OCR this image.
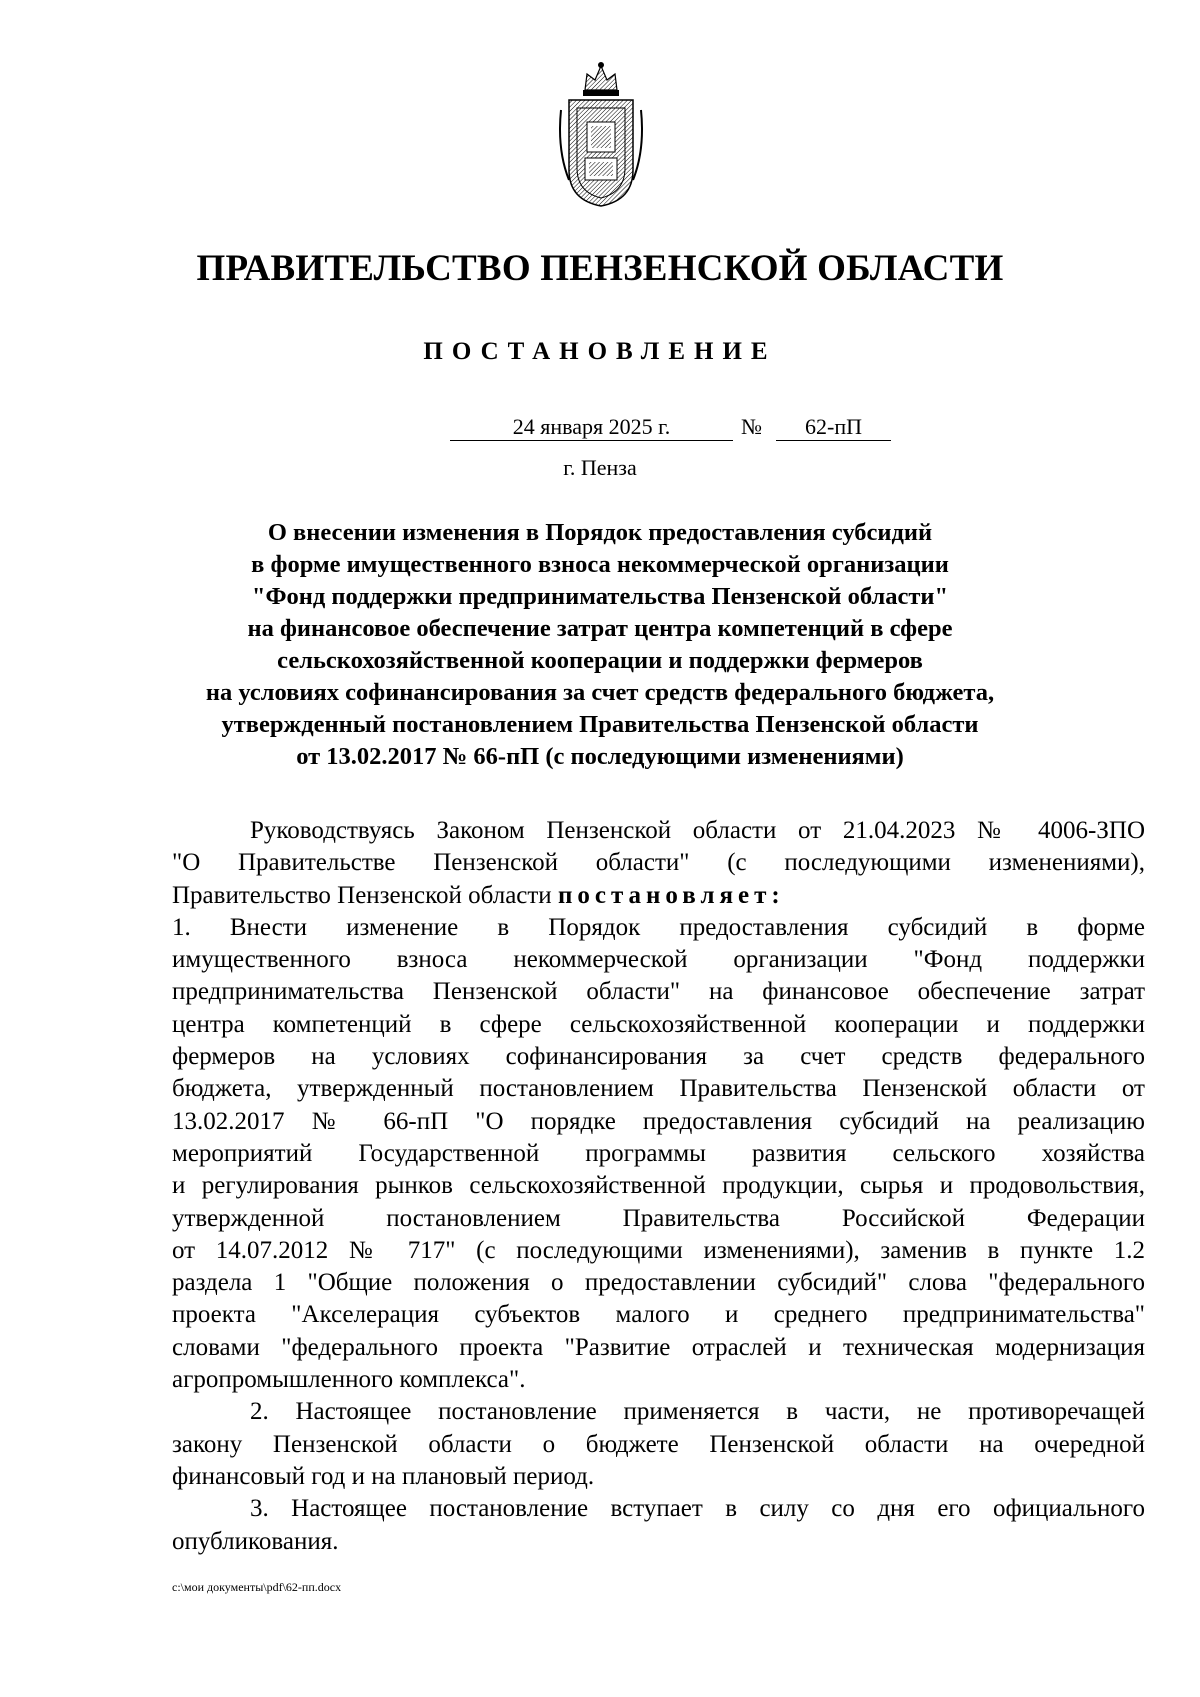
ПРАВИТЕЛЬСТВО ПЕНЗЕНСКОЙ ОБЛАСТИ
ПОСТАНОВЛЕНИЕ
24 января 2025 г.	№	62-пП
г. Пенза
О внесении изменения в Порядок предоставления субсидий
в форме имущественного взноса некоммерческой организации
"Фонд поддержки предпринимательства Пензенской области"
на финансовое обеспечение затрат центра компетенций в сфере
сельскохозяйственной кооперации и поддержки фермеров
на условиях софинансирования за счет средств федерального бюджета,
утвержденный постановлением Правительства Пензенской области
от 13.02.2017 № 66-пП (с последующими изменениями)
Руководствуясь Законом Пензенской области от 21.04.2023 № 4006-ЗПО
"О Правительстве Пензенской области" (с последующими изменениями),
Правительство Пензенской области постановляет:
1. Внести изменение в Порядок предоставления субсидий в форме
имущественного взноса некоммерческой организации "Фонд поддержки
предпринимательства Пензенской области" на финансовое обеспечение затрат
центра компетенций в сфере сельскохозяйственной кооперации и поддержки
фермеров на условиях софинансирования за счет средств федерального
бюджета, утвержденный постановлением Правительства Пензенской области от
13.02.2017 № 66-пП "О порядке предоставления субсидий на реализацию
мероприятий Государственной программы развития сельского хозяйства
и регулирования рынков сельскохозяйственной продукции, сырья и продовольствия,
утвержденной постановлением Правительства Российской Федерации
от 14.07.2012 № 717" (с последующими изменениями), заменив в пункте 1.2
раздела 1 "Общие положения о предоставлении субсидий" слова "федерального
проекта "Акселерация субъектов малого и среднего предпринимательства"
словами "федерального проекта "Развитие отраслей и техническая модернизация
агропромышленного комплекса".
2. Настоящее постановление применяется в части, не противоречащей
закону Пензенской области о бюджете Пензенской области на очередной
финансовый год и на плановый период.
3. Настоящее постановление вступает в силу со дня его официального
опубликования.
c:\мои документы\pdf\62-пп.docx
